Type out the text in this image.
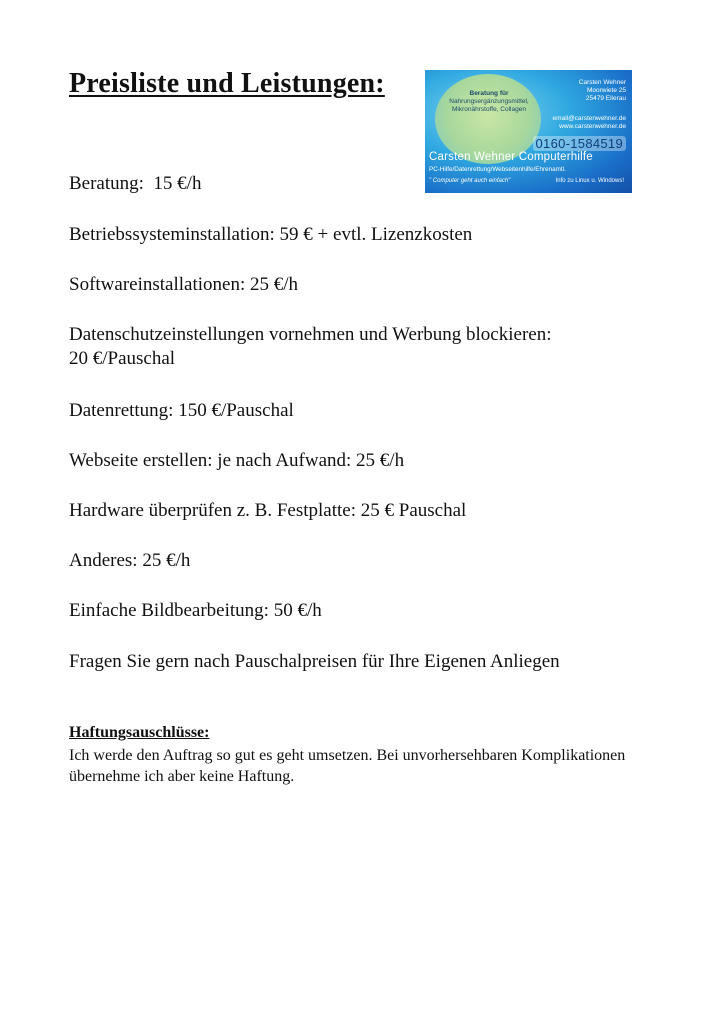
Preisliste und Leistungen:	Beratung für
Nahrungsergänzungsmittel, Mikronährstoffe, Collagen
Carsten Wehner
Moorwiete 25
25479 Ellerau
email@carstenwehner.de
www.carstenwehner.de
0160-1584519
Carsten Wehner Computerhilfe
PC-Hilfe/Datenrettung/Webseitenhilfe/Ehrenamtl.
" Computer geht auch einfach"	Info zu Linux u. Windows!
Beratung:  15 €/h
Betriebssysteminstallation: 59 € + evtl. Lizenzkosten
Softwareinstallationen: 25 €/h
Datenschutzeinstellungen vornehmen und Werbung blockieren:
20 €/Pauschal
Datenrettung: 150 €/Pauschal
Webseite erstellen: je nach Aufwand: 25 €/h
Hardware überprüfen z. B. Festplatte: 25 € Pauschal
Anderes: 25 €/h
Einfache Bildbearbeitung: 50 €/h
Fragen Sie gern nach Pauschalpreisen für Ihre Eigenen Anliegen
Haftungsauschlüsse:

Ich werde den Auftrag so gut es geht umsetzen. Bei unvorhersehbaren Komplikationen übernehme ich aber keine Haftung.
